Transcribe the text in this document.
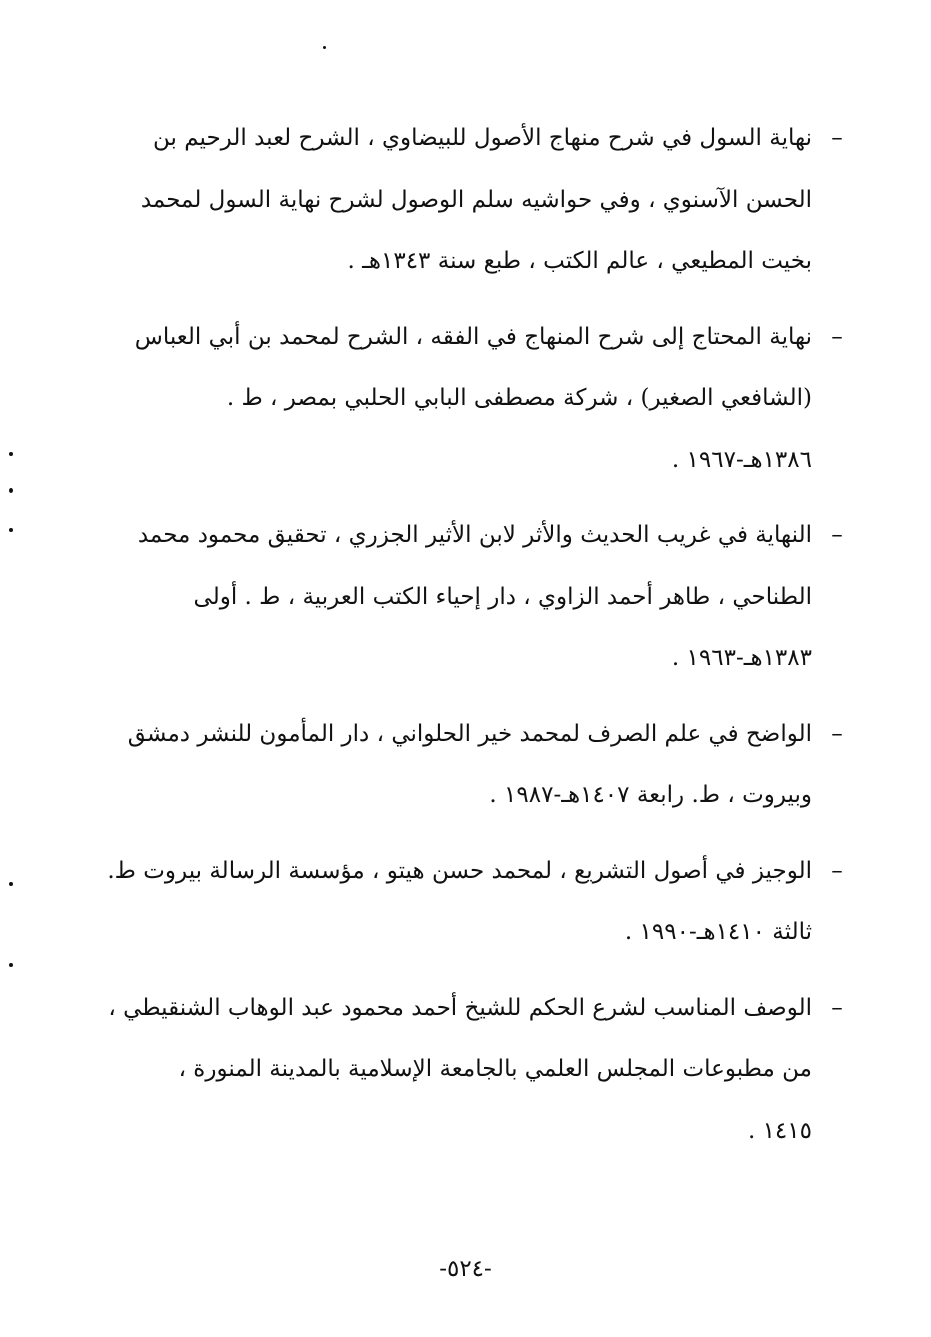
–
نهاية السول في شرح منهاج الأصول للبيضاوي ، الشرح لعبد الرحيم بن
الحسن الآسنوي ، وفي حواشيه سلم الوصول لشرح نهاية السول لمحمد
بخيت المطيعي ، عالم الكتب ، طبع سنة ١٣٤٣هـ .
–
نهاية المحتاج إلى شرح المنهاج في الفقه ، الشرح لمحمد بن أبي العباس
(الشافعي الصغير) ، شركة مصطفى البابي الحلبي بمصر ، ط .
١٣٨٦هـ-١٩٦٧ .
–
النهاية في غريب الحديث والأثر لابن الأثير الجزري ، تحقيق محمود محمد
الطناحي ، طاهر أحمد الزاوي ، دار إحياء الكتب العربية ، ط . أولى
١٣٨٣هـ-١٩٦٣ .
–
الواضح في علم الصرف لمحمد خير الحلواني ، دار المأمون للنشر دمشق
وبيروت ، ط. رابعة ١٤٠٧هـ-١٩٨٧ .
–
الوجيز في أصول التشريع ، لمحمد حسن هيتو ، مؤسسة الرسالة بيروت ط.
ثالثة ١٤١٠هـ-١٩٩٠ .
–
الوصف المناسب لشرع الحكم للشيخ أحمد محمود عبد الوهاب الشنقيطي ،
من مطبوعات المجلس العلمي بالجامعة الإسلامية بالمدينة المنورة ،
١٤١٥ .
-٥٢٤-
